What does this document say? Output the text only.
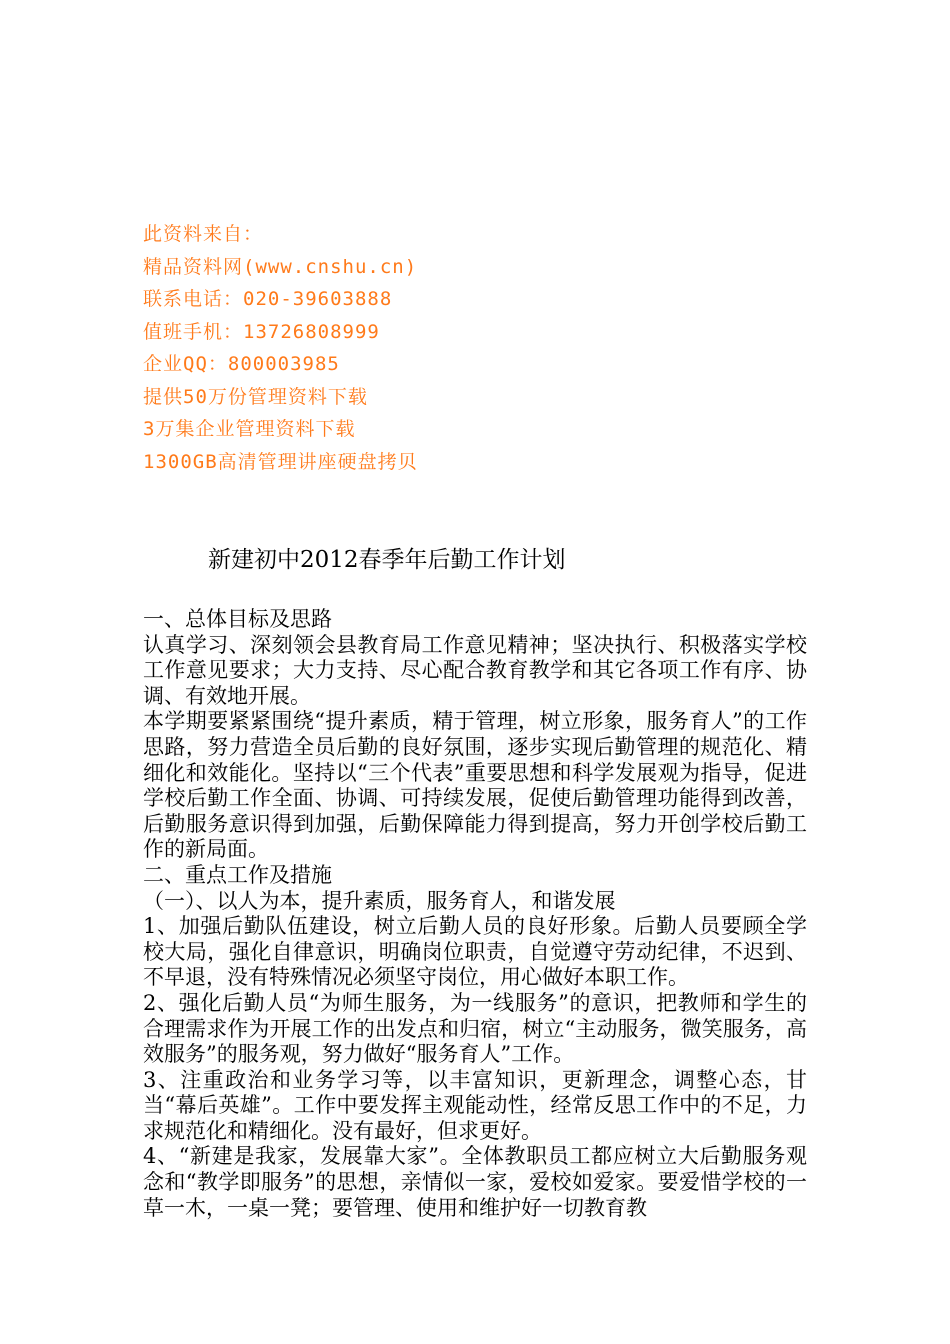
此资料来自：
精品资料网(www.cnshu.cn)
联系电话：020-39603888
值班手机：13726808999
企业QQ：800003985
提供50万份管理资料下载
3万集企业管理资料下载
1300GB高清管理讲座硬盘拷贝
新建初中2012春季年后勤工作计划

一、总体目标及思路

认真学习、深刻领会县教育局工作意见精神；坚决执行、积极落实学校工作意见要求；大力支持、尽心配合教育教学和其它各项工作有序、协调、有效地开展。

本学期要紧紧围绕“提升素质，精于管理，树立形象，服务育人”的工作思路，努力营造全员后勤的良好氛围，逐步实现后勤管理的规范化、精细化和效能化。坚持以“三个代表”重要思想和科学发展观为指导，促进学校后勤工作全面、协调、可持续发展，促使后勤管理功能得到改善，后勤服务意识得到加强，后勤保障能力得到提高，努力开创学校后勤工作的新局面。

二、重点工作及措施

（一）、以人为本，提升素质，服务育人，和谐发展

1、加强后勤队伍建设，树立后勤人员的良好形象。后勤人员要顾全学校大局，强化自律意识，明确岗位职责，自觉遵守劳动纪律，不迟到、不早退，没有特殊情况必须坚守岗位，用心做好本职工作。

2、强化后勤人员“为师生服务，为一线服务”的意识，把教师和学生的合理需求作为开展工作的出发点和归宿，树立“主动服务，微笑服务，高效服务”的服务观，努力做好“服务育人”工作。

3、注重政治和业务学习等，以丰富知识，更新理念，调整心态，甘当“幕后英雄”。工作中要发挥主观能动性，经常反思工作中的不足，力求规范化和精细化。没有最好，但求更好。

4、“新建是我家，发展靠大家”。全体教职员工都应树立大后勤服务观念和“教学即服务”的思想，亲情似一家，爱校如爱家。要爱惜学校的一草一木，一桌一凳；要管理、使用和维护好一切教育教
